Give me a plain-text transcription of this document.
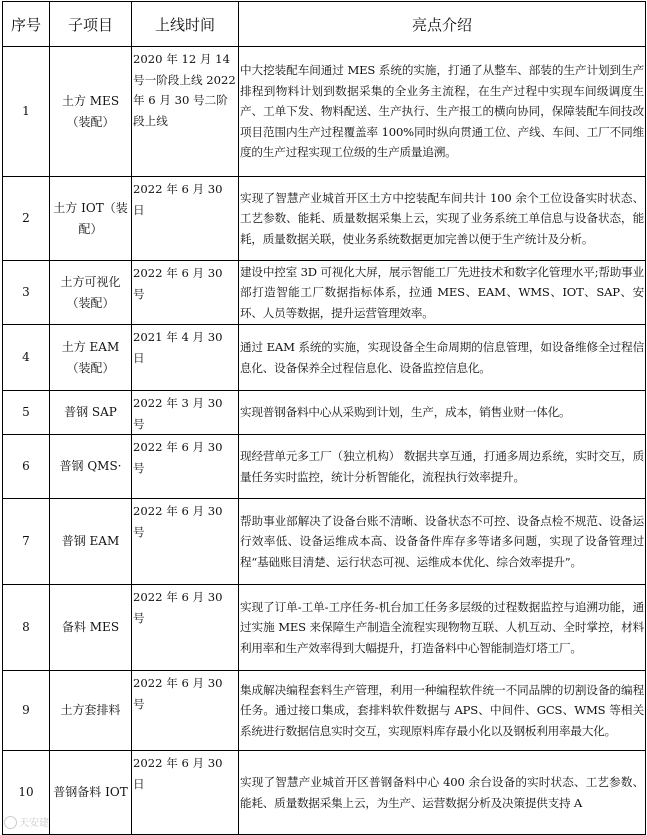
序号	子项目	上线时间	亮点介绍
1	土方 MES（装配）	2020 年 12 月 14 号一阶段上线 2022 年 6 月 30 号二阶段上线	中大挖装配车间通过 MES 系统的实施，打通了从整车、部装的生产计划到生产排程到物料计划到数据采集的全业务主流程，在生产过程中实现车间级调度生产、工单下发、物料配送、生产执行、生产报工的横向协同，保障装配车间技改项目范围内生产过程覆盖率 100%同时纵向贯通工位、产线、车间、工厂不同维度的生产过程实现工位级的生产质量追溯。
2	土方 IOT（装配）	2022 年 6 月 30 日	实现了智慧产业城首开区土方中挖装配车间共计 100 余个工位设备实时状态、工艺参数、能耗、质量数据采集上云，实现了业务系统工单信息与设备状态，能耗，质量数据关联，使业务系统数据更加完善以便于生产统计及分析。
3	土方可视化（装配）	2022 年 6 月 30 号	建设中控室 3D 可视化大屏，展示智能工厂先进技术和数字化管理水平;帮助事业部打造智能工厂数据指标体系，拉通 MES、EAM、WMS、IOT、SAP、安环、人员等数据，提升运营管理效率。
4	土方 EAM（装配）	2021 年 4 月 30 日	通过 EAM 系统的实施，实现设备全生命周期的信息管理，如设备维修全过程信息化、设备保养全过程信息化、设备监控信息化。
5	普钢 SAP	2022 年 3 月 30 号	实现普钢备料中心从采购到计划，生产，成本，销售业财一体化。
6	普钢 QMS·	2022 年 6 月 30 号	现经营单元多工厂（独立机构） 数据共享互通，打通多周边系统，实时交互，质量任务实时监控，统计分析智能化，流程执行效率提升。
7	普钢 EAM	2022 年 6 月 30 号	帮助事业部解决了设备台账不清晰、设备状态不可控、设备点检不规范、设备运行效率低、设备运维成本高、设备备件库存多等诸多问题，实现了设备管理过程“基础账目清楚、运行状态可视、运维成本优化、综合效率提升”。
8	备料 MES	2022 年 6 月 30 号	实现了订单-工单-工序任务-机台加工任务多层级的过程数据监控与追溯功能，通过实施 MES 来保障生产制造全流程实现物物互联、人机互动、全时掌控，材料利用率和生产效率得到大幅提升，打造备料中心智能制造灯塔工厂。
9	土方套排料	2022 年 6 月 30 号	集成解决编程套料生产管理，利用一种编程软件统一不同品牌的切割设备的编程任务。通过接口集成，套排料软件数据与 APS、中间件、GCS、WMS 等相关系统进行数据信息实时交互，实现原料库存最小化以及钢板利用率最大化。
10	普钢备料 IOT	2022 年 6 月 30 日	实现了智慧产业城首开区普钢备料中心 400 余台设备的实时状态、工艺参数、能耗、质量数据采集上云，为生产、运营数据分析及决策提供支持 A
天安建
